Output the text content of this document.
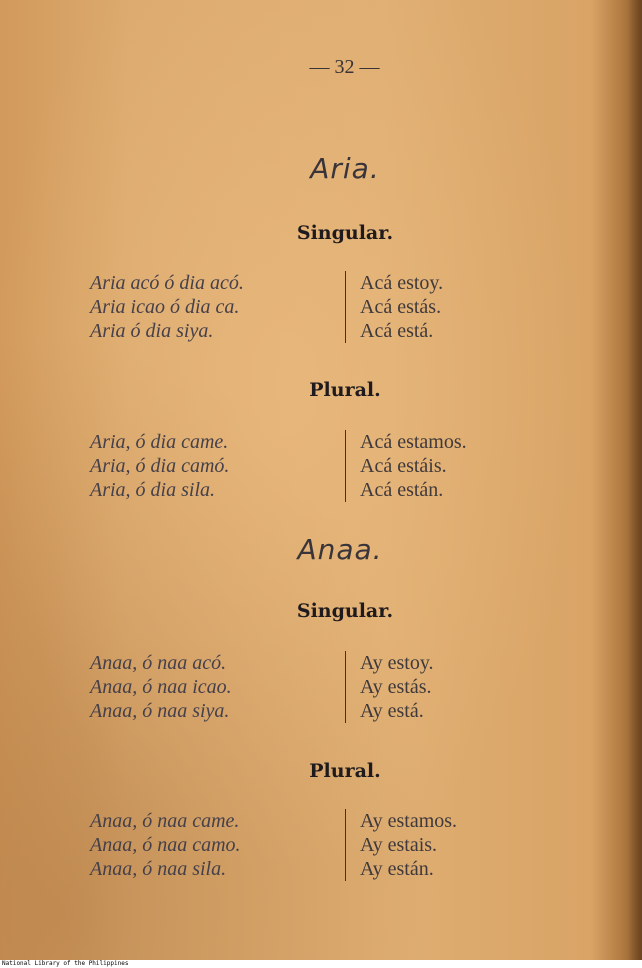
— 32 —
Aria.
Singular.
Aria acó ó dia acó.
Aria icao ó dia ca.
Aria ó dia siya.
Acá estoy.
Acá estás.
Acá está.
Plural.
Aria, ó dia came.
Aria, ó dia camó.
Aria, ó dia sila.
Acá estamos.
Acá estáis.
Acá están.
Anaa.
Singular.
Anaa, ó naa acó.
Anaa, ó naa icao.
Anaa, ó naa siya.
Ay estoy.
Ay estás.
Ay está.
Plural.
Anaa, ó naa came.
Anaa, ó naa camo.
Anaa, ó naa sila.
Ay estamos.
Ay estais.
Ay están.
National Library of the Philippines
